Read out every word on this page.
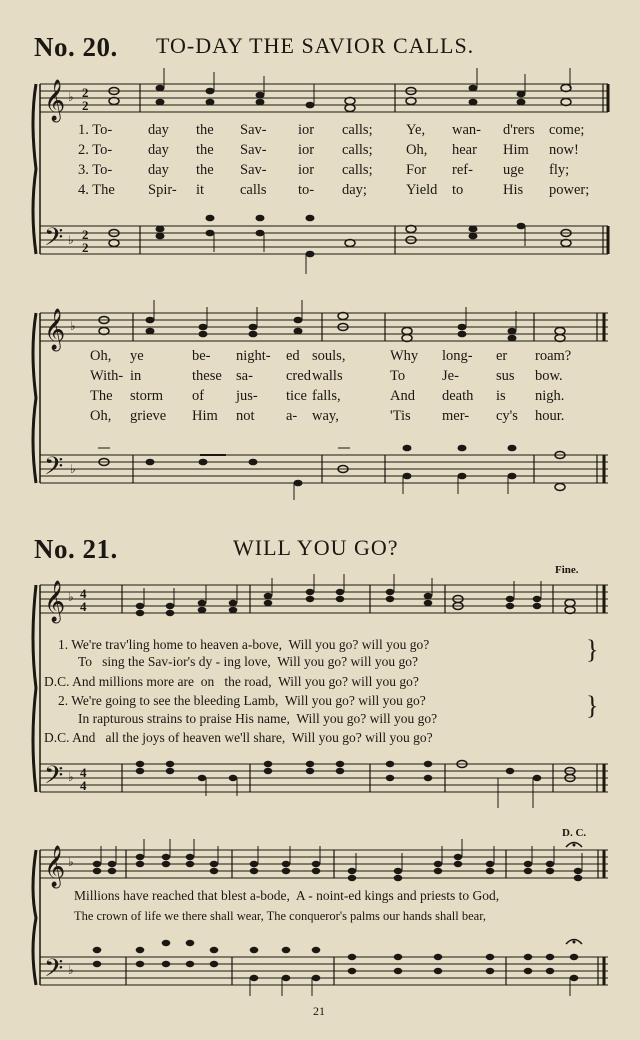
No. 20. TO-DAY THE SAVIOR CALLS.
𝄞
𝄢
♭
♭
2
2
2
2
𝄞
𝄢
♭
♭
𝄞
𝄢
♭
♭
4
4
4
4
𝄞
𝄢
♭
♭
1. To- day the Sav- ior calls; Ye, wan- d'rers come;
2. To- day the Sav- ior calls; Oh, hear Him now!
3. To- day the Sav- ior calls; For ref- uge fly;
4. The Spir- it calls to- day;	Yield to	His power;
Oh, ye	be- night- ed souls,	Why long- er roam?
With- in	these sa- cred walls	To	Je-	sus bow.
The storm of jus- tice falls,	And death is nigh.
Oh, grieve Him not a- way,	'Tis mer- cy's hour.
No. 21.	WILL YOU GO?
Fine.
D. C.
1. We're trav'ling home to heaven a-bove,  Will you go? will you go?
To   sing the Sav-ior's dy - ing love,  Will you go? will you go?
D.C. And millions more are  on   the road,  Will you go? will you go?
2. We're going to see the bleeding Lamb,  Will you go? will you go?
In rapturous strains to praise His name,  Will you go? will you go?
D.C. And   all the joys of heaven we'll share,  Will you go? will you go?
}
}
Millions have reached that blest a-bode,  A - noint-ed kings and priests to God,
The crown of life we there shall wear, The conqueror's palms our hands shall bear,
21
